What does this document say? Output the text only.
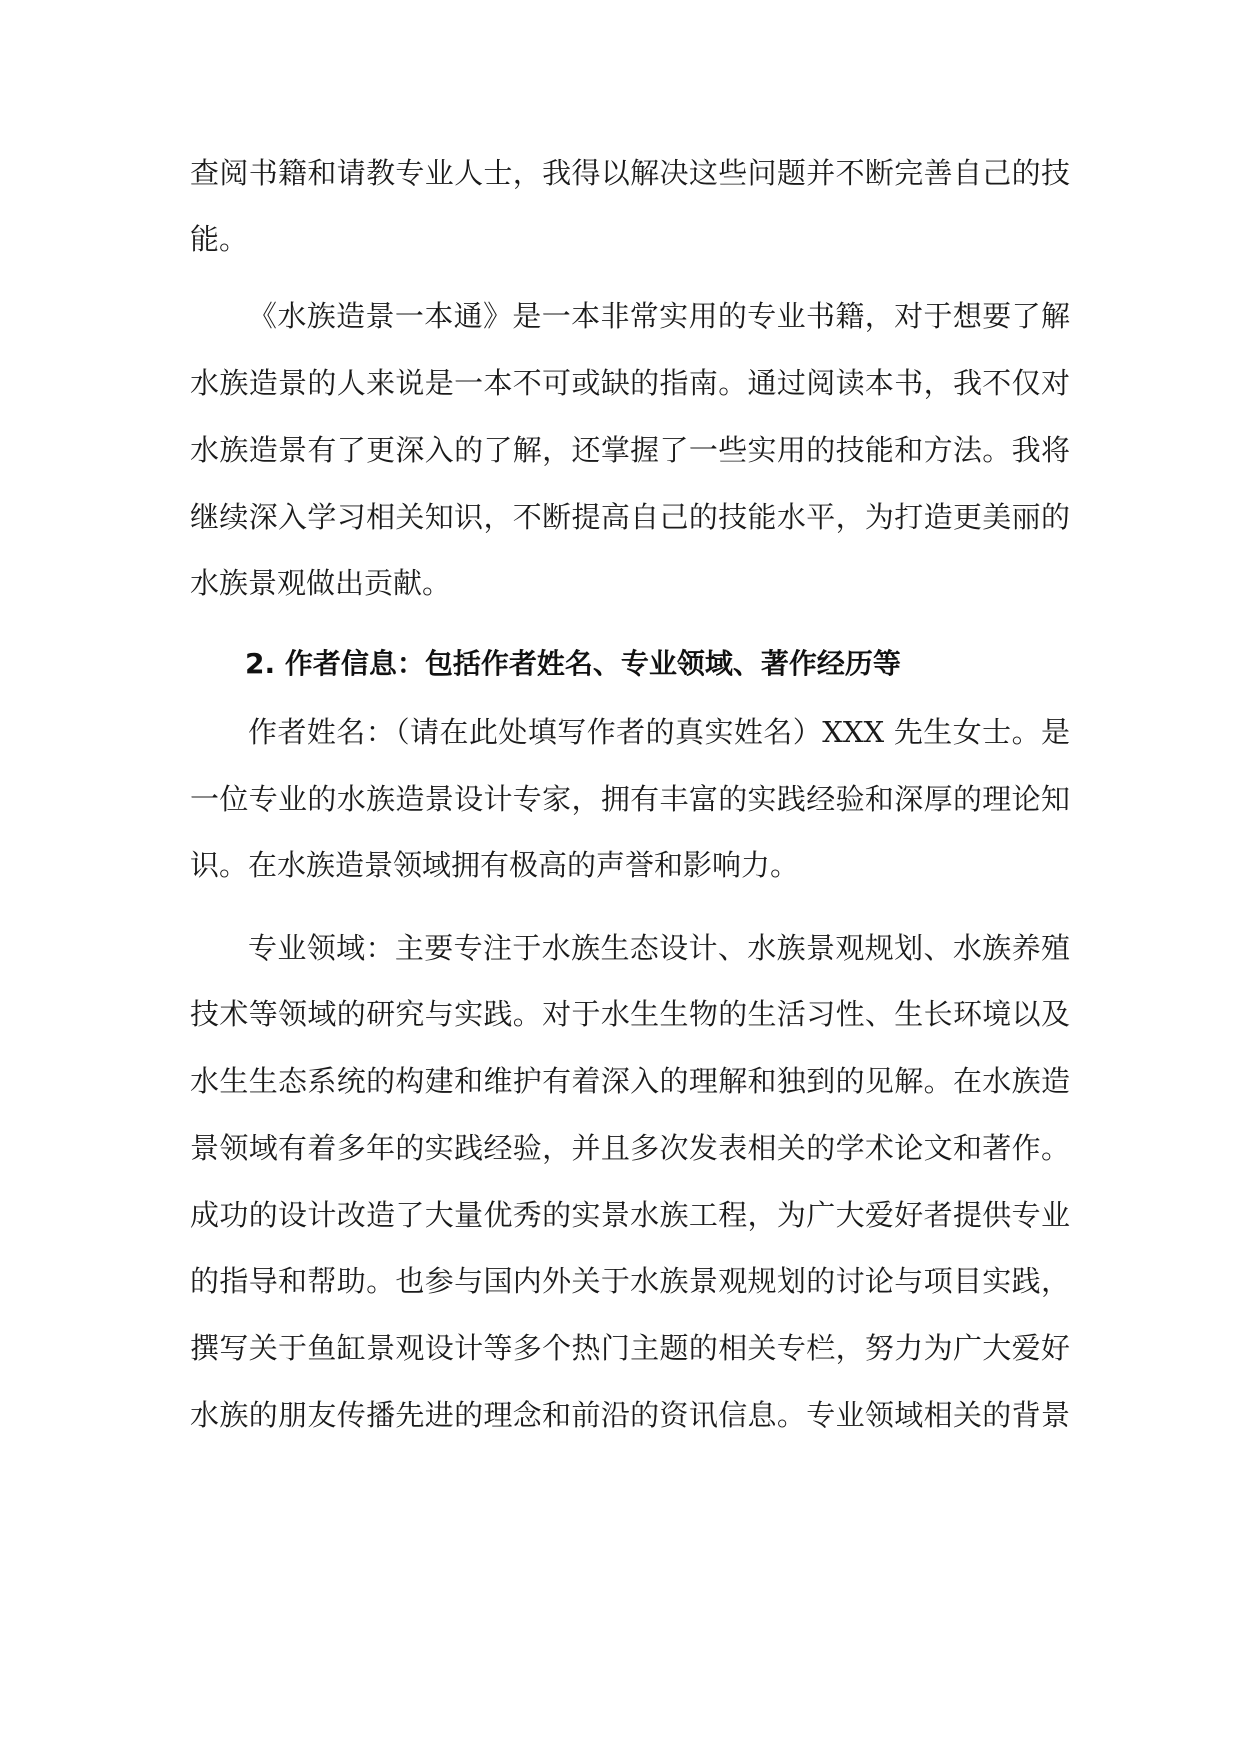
查阅书籍和请教专业人士，我得以解决这些问题并不断完善自己的技
能。
《水族造景一本通》是一本非常实用的专业书籍，对于想要了解
水族造景的人来说是一本不可或缺的指南。通过阅读本书，我不仅对
水族造景有了更深入的了解，还掌握了一些实用的技能和方法。我将
继续深入学习相关知识，不断提高自己的技能水平，为打造更美丽的
水族景观做出贡献。
2. 作者信息：包括作者姓名、专业领域、著作经历等
作者姓名：（请在此处填写作者的真实姓名）XXX 先生女士。是
一位专业的水族造景设计专家，拥有丰富的实践经验和深厚的理论知
识。在水族造景领域拥有极高的声誉和影响力。
专业领域：主要专注于水族生态设计、水族景观规划、水族养殖
技术等领域的研究与实践。对于水生生物的生活习性、生长环境以及
水生生态系统的构建和维护有着深入的理解和独到的见解。在水族造
景领域有着多年的实践经验，并且多次发表相关的学术论文和著作。
成功的设计改造了大量优秀的实景水族工程，为广大爱好者提供专业
的指导和帮助。也参与国内外关于水族景观规划的讨论与项目实践，
撰写关于鱼缸景观设计等多个热门主题的相关专栏，努力为广大爱好
水族的朋友传播先进的理念和前沿的资讯信息。专业领域相关的背景
